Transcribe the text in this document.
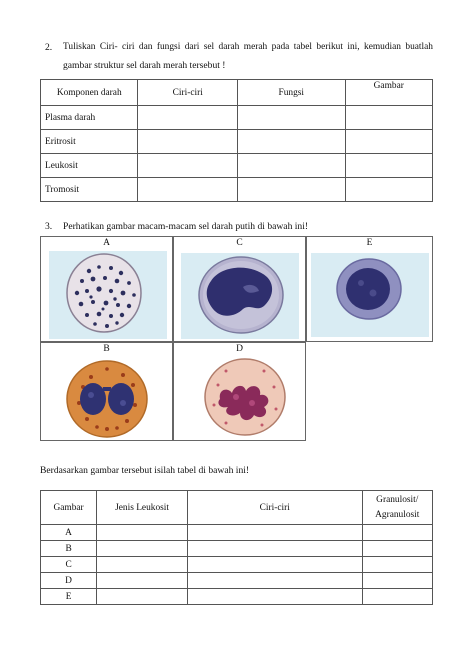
2. Tuliskan Ciri- ciri dan fungsi dari sel darah merah pada tabel berikut ini, kemudian buatlah
gambar struktur sel darah merah tersebut !
Komponen darah	Ciri-ciri	Fungsi	Gambar
Plasma darah			
Eritrosit			
Leukosit			
Tromosit			
3. Perhatikan gambar macam-macam sel darah putih di bawah ini!
A	C	E
B	D
Berdasarkan gambar tersebut isilah tabel di bawah ini!
Gambar	Jenis Leukosit	Ciri-ciri	Granulosit/
Agranulosit
A			
B			
C			
D			
E			
